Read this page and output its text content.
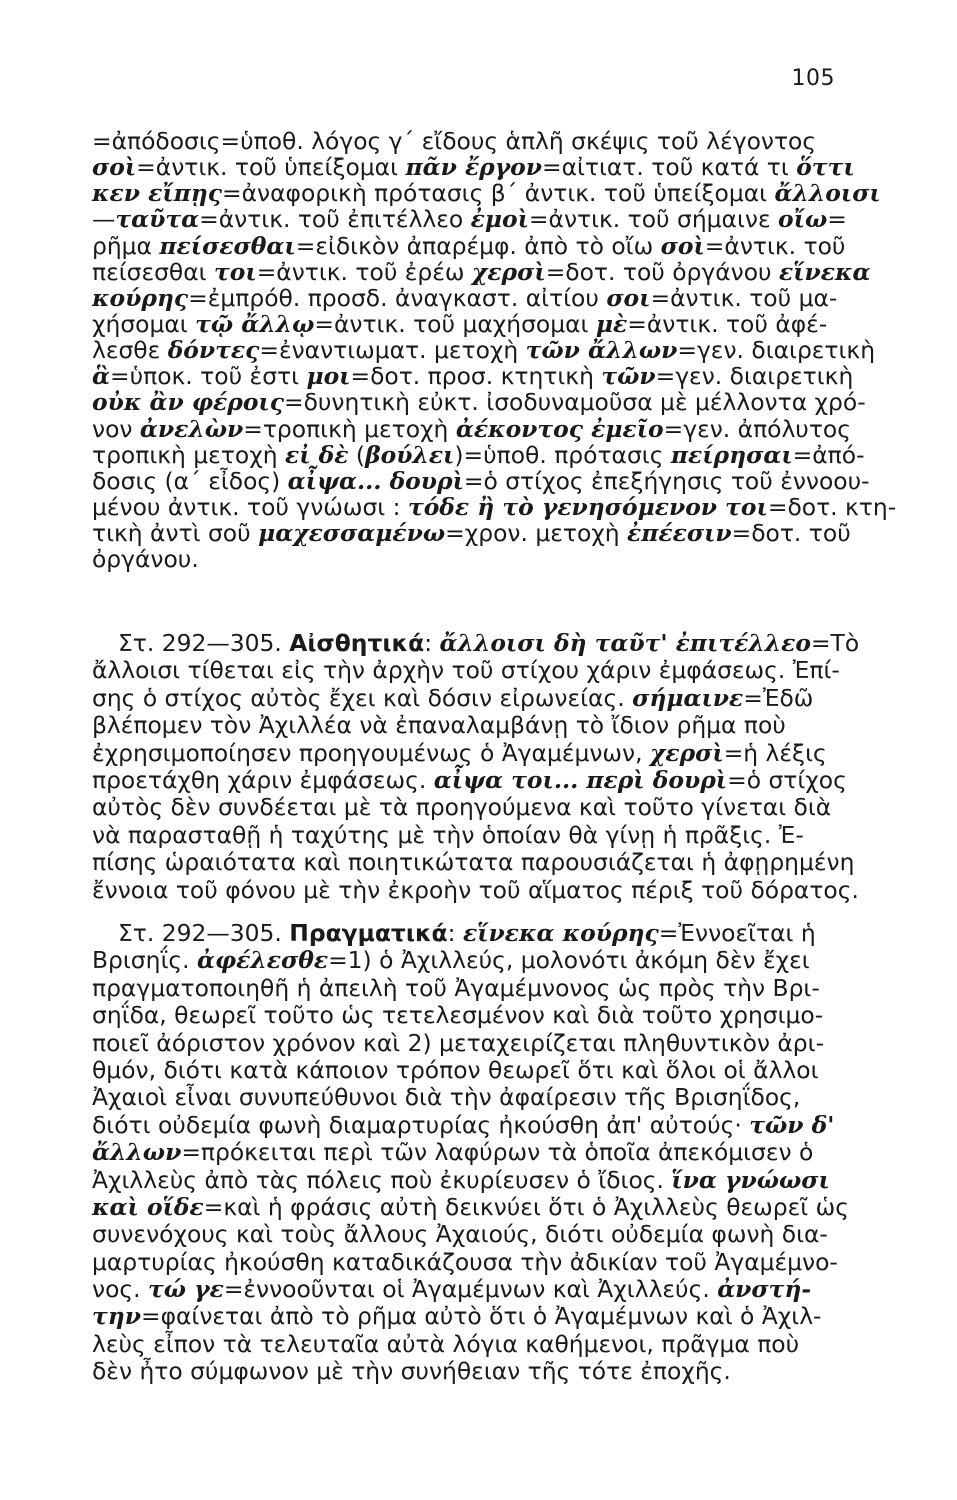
105
=ἀπόδοσις=ὑποθ. λόγος γ΄ εἴδους ἁπλῆ σκέψις τοῦ λέγοντος
σοὶ=ἀντικ. τοῦ ὑπείξομαι πᾶν ἔργον=αἰτιατ. τοῦ κατά τι ὅττι
κεν εἴπῃς=ἀναφορικὴ πρότασις β΄ ἀντικ. τοῦ ὑπείξομαι ἄλλοισι
—ταῦτα=ἀντικ. τοῦ ἐπιτέλλεο ἐμοὶ=ἀντικ. τοῦ σήμαινε οἴω=
ρῆμα πείσεσθαι=εἰδικὸν ἀπαρέμφ. ἀπὸ τὸ οἴω σοὶ=ἀντικ. τοῦ
πείσεσθαι τοι=ἀντικ. τοῦ ἐρέω χερσὶ=δοτ. τοῦ ὀργάνου εἵνεκα
κούρης=ἐμπρόθ. προσδ. ἀναγκαστ. αἰτίου σοι=ἀντικ. τοῦ μα-
χήσομαι τῷ ἄλλῳ=ἀντικ. τοῦ μαχήσομαι μὲ=ἀντικ. τοῦ ἀφέ-
λεσθε δόντες=ἐναντιωματ. μετοχὴ τῶν ἄλλων=γεν. διαιρετικὴ
ἃ=ὑποκ. τοῦ ἐστι μοι=δοτ. προσ. κτητικὴ τῶν=γεν. διαιρετικὴ
οὐκ ἂν φέροις=δυνητικὴ εὐκτ. ἰσοδυναμοῦσα μὲ μέλλοντα χρό-
νον ἀνελὼν=τροπικὴ μετοχὴ ἀέκοντος ἐμεῖο=γεν. ἀπόλυτος
τροπικὴ μετοχὴ εἰ δὲ (βούλει)=ὑποθ. πρότασις πείρησαι=ἀπό-
δοσις (α΄ εἶδος) αἶψα... δουρὶ=ὁ στίχος ἐπεξήγησις τοῦ ἐννοου-
μένου ἀντικ. τοῦ γνώωσι : τόδε ἢ τὸ γενησόμενον τοι=δοτ. κτη-
τικὴ ἀντὶ σοῦ μαχεσσαμένω=χρον. μετοχὴ ἐπέεσιν=δοτ. τοῦ
ὀργάνου.
Στ. 292—305. Αἰσθητικά: ἄλλοισι δὴ ταῦτ' ἐπιτέλλεο=Τὸ
ἄλλοισι τίθεται εἰς τὴν ἀρχὴν τοῦ στίχου χάριν ἐμφάσεως. Ἐπί-
σης ὁ στίχος αὐτὸς ἔχει καὶ δόσιν εἰρωνείας. σήμαινε=Ἐδῶ
βλέπομεν τὸν Ἀχιλλέα νὰ ἐπαναλαμβάνῃ τὸ ἴδιον ρῆμα ποὺ
ἐχρησιμοποίησεν προηγουμένως ὁ Ἀγαμέμνων, χερσὶ=ἡ λέξις
προετάχθη χάριν ἐμφάσεως. αἶψα τοι... περὶ δουρὶ=ὁ στίχος
αὐτὸς δὲν συνδέεται μὲ τὰ προηγούμενα καὶ τοῦτο γίνεται διὰ
νὰ παρασταθῇ ἡ ταχύτης μὲ τὴν ὁποίαν θὰ γίνῃ ἡ πρᾶξις. Ἐ-
πίσης ὡραιότατα καὶ ποιητικώτατα παρουσιάζεται ἡ ἀφῃρημένη
ἔννοια τοῦ φόνου μὲ τὴν ἐκροὴν τοῦ αἵματος πέριξ τοῦ δόρατος.
Στ. 292—305. Πραγματικά: εἵνεκα κούρης=Ἐννοεῖται ἡ
Βρισηΐς. ἀφέλεσθε=1) ὁ Ἀχιλλεύς, μολονότι ἀκόμη δὲν ἔχει
πραγματοποιηθῆ ἡ ἀπειλὴ τοῦ Ἀγαμέμνονος ὡς πρὸς τὴν Βρι-
σηΐδα, θεωρεῖ τοῦτο ὡς τετελεσμένον καὶ διὰ τοῦτο χρησιμο-
ποιεῖ ἀόριστον χρόνον καὶ 2) μεταχειρίζεται πληθυντικὸν ἀρι-
θμόν, διότι κατὰ κάποιον τρόπον θεωρεῖ ὅτι καὶ ὅλοι οἱ ἄλλοι
Ἀχαιοὶ εἶναι συνυπεύθυνοι διὰ τὴν ἀφαίρεσιν τῆς Βρισηΐδος,
διότι οὐδεμία φωνὴ διαμαρτυρίας ἠκούσθη ἀπ' αὐτούς· τῶν δ'
ἄλλων=πρόκειται περὶ τῶν λαφύρων τὰ ὁποῖα ἀπεκόμισεν ὁ
Ἀχιλλεὺς ἀπὸ τὰς πόλεις ποὺ ἐκυρίευσεν ὁ ἴδιος. ἵνα γνώωσι
καὶ οἵδε=καὶ ἡ φράσις αὐτὴ δεικνύει ὅτι ὁ Ἀχιλλεὺς θεωρεῖ ὡς
συνενόχους καὶ τοὺς ἄλλους Ἀχαιούς, διότι οὐδεμία φωνὴ δια-
μαρτυρίας ἠκούσθη καταδικάζουσα τὴν ἀδικίαν τοῦ Ἀγαμέμνο-
νος. τώ γε=ἐννοοῦνται οἱ Ἀγαμέμνων καὶ Ἀχιλλεύς. ἀνστή-
την=φαίνεται ἀπὸ τὸ ρῆμα αὐτὸ ὅτι ὁ Ἀγαμέμνων καὶ ὁ Ἀχιλ-
λεὺς εἶπον τὰ τελευταῖα αὐτὰ λόγια καθήμενοι, πρᾶγμα ποὺ
δὲν ἦτο σύμφωνον μὲ τὴν συνήθειαν τῆς τότε ἐποχῆς.
